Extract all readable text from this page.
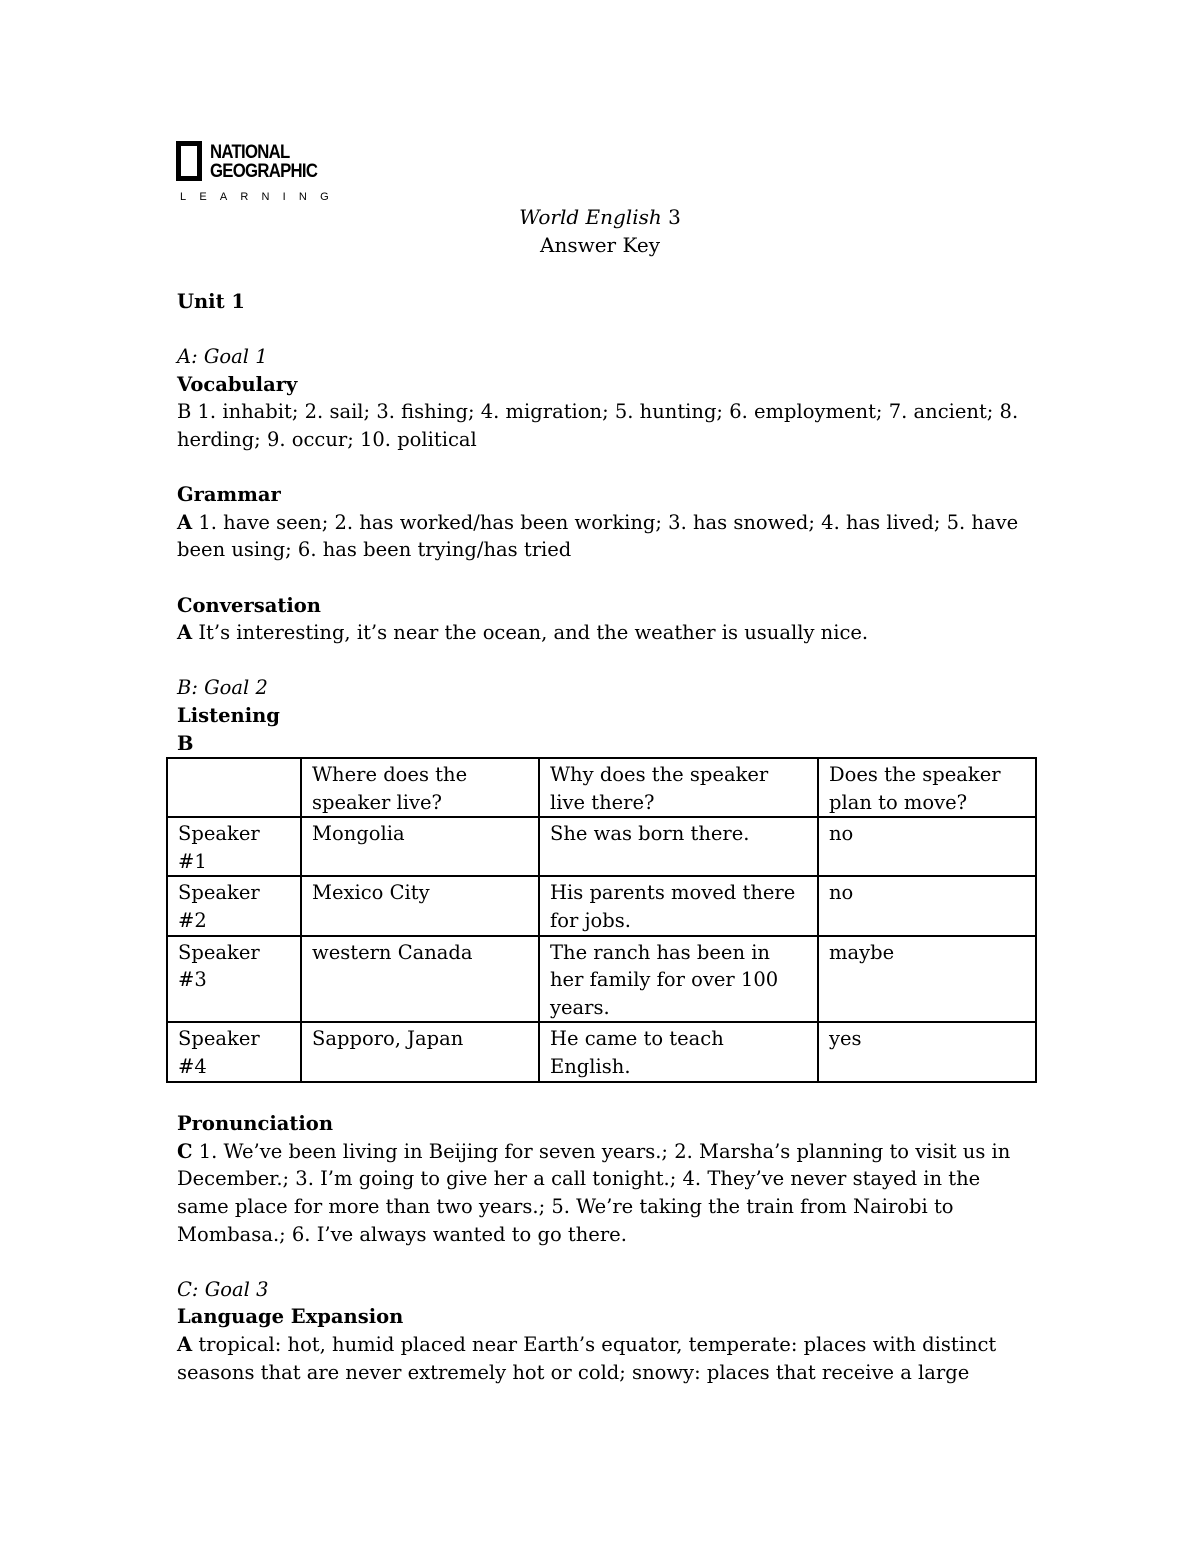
NATIONAL
GEOGRAPHIC
LEARNING
World English 3
Answer Key

Unit 1

A: Goal 1

Vocabulary

B 1. inhabit; 2. sail; 3. fishing; 4. migration; 5. hunting; 6. employment; 7. ancient; 8. herding; 9. occur; 10. political

Grammar

A 1. have seen; 2. has worked/has been working; 3. has snowed; 4. has lived; 5. have been using; 6. has been trying/has tried

Conversation

A It’s interesting, it’s near the ocean, and the weather is usually nice.

B: Goal 2

Listening

B

	Where does the speaker live?	Why does the speaker live there?	Does the speaker plan to move?
Speaker #1	Mongolia	She was born there.	no
Speaker #2	Mexico City	His parents moved there for jobs.	no
Speaker #3	western Canada	The ranch has been in her family for over 100 years.	maybe
Speaker #4	Sapporo, Japan	He came to teach English.	yes

Pronunciation

C 1. We’ve been living in Beijing for seven years.; 2. Marsha’s planning to visit us in December.; 3. I’m going to give her a call tonight.; 4. They’ve never stayed in the same place for more than two years.; 5. We’re taking the train from Nairobi to Mombasa.; 6. I’ve always wanted to go there.

C: Goal 3

Language Expansion

A tropical: hot, humid placed near Earth’s equator, temperate: places with distinct seasons that are never extremely hot or cold; snowy: places that receive a large
